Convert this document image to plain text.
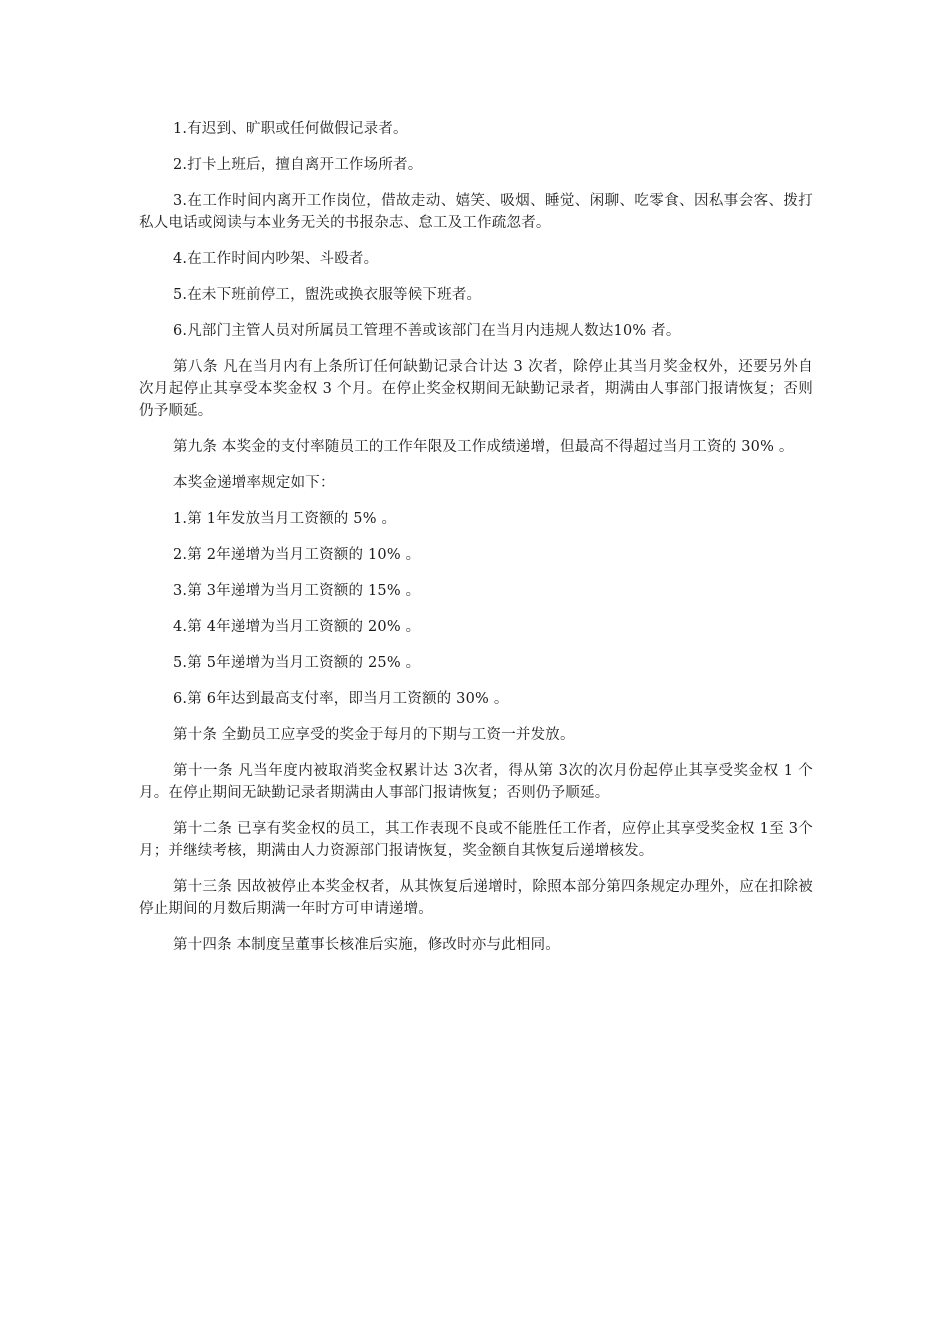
1.有迟到、旷职或任何做假记录者。

2.打卡上班后，擅自离开工作场所者。

3.在工作时间内离开工作岗位，借故走动、嬉笑、吸烟、睡觉、闲聊、吃零食、因私事会客、拨打私人电话或阅读与本业务无关的书报杂志、怠工及工作疏忽者。

4.在工作时间内吵架、斗殴者。

5.在未下班前停工，盥洗或换衣服等候下班者。

6.凡部门主管人员对所属员工管理不善或该部门在当月内违规人数达10% 者。

第八条 凡在当月内有上条所订任何缺勤记录合计达 3 次者，除停止其当月奖金权外，还要另外自次月起停止其享受本奖金权 3 个月。在停止奖金权期间无缺勤记录者，期满由人事部门报请恢复；否则仍予顺延。

第九条 本奖金的支付率随员工的工作年限及工作成绩递增，但最高不得超过当月工资的 30% 。

本奖金递增率规定如下：

1.第 1年发放当月工资额的 5% 。

2.第 2年递增为当月工资额的 10% 。

3.第 3年递增为当月工资额的 15% 。

4.第 4年递增为当月工资额的 20% 。

5.第 5年递增为当月工资额的 25% 。

6.第 6年达到最高支付率，即当月工资额的 30% 。

第十条 全勤员工应享受的奖金于每月的下期与工资一并发放。

第十一条 凡当年度内被取消奖金权累计达 3次者，得从第 3次的次月份起停止其享受奖金权 1 个月。在停止期间无缺勤记录者期满由人事部门报请恢复；否则仍予顺延。

第十二条 已享有奖金权的员工，其工作表现不良或不能胜任工作者，应停止其享受奖金权 1至 3个月；并继续考核，期满由人力资源部门报请恢复，奖金额自其恢复后递增核发。

第十三条 因故被停止本奖金权者，从其恢复后递增时，除照本部分第四条规定办理外，应在扣除被停止期间的月数后期满一年时方可申请递增。

第十四条 本制度呈董事长核准后实施，修改时亦与此相同。
